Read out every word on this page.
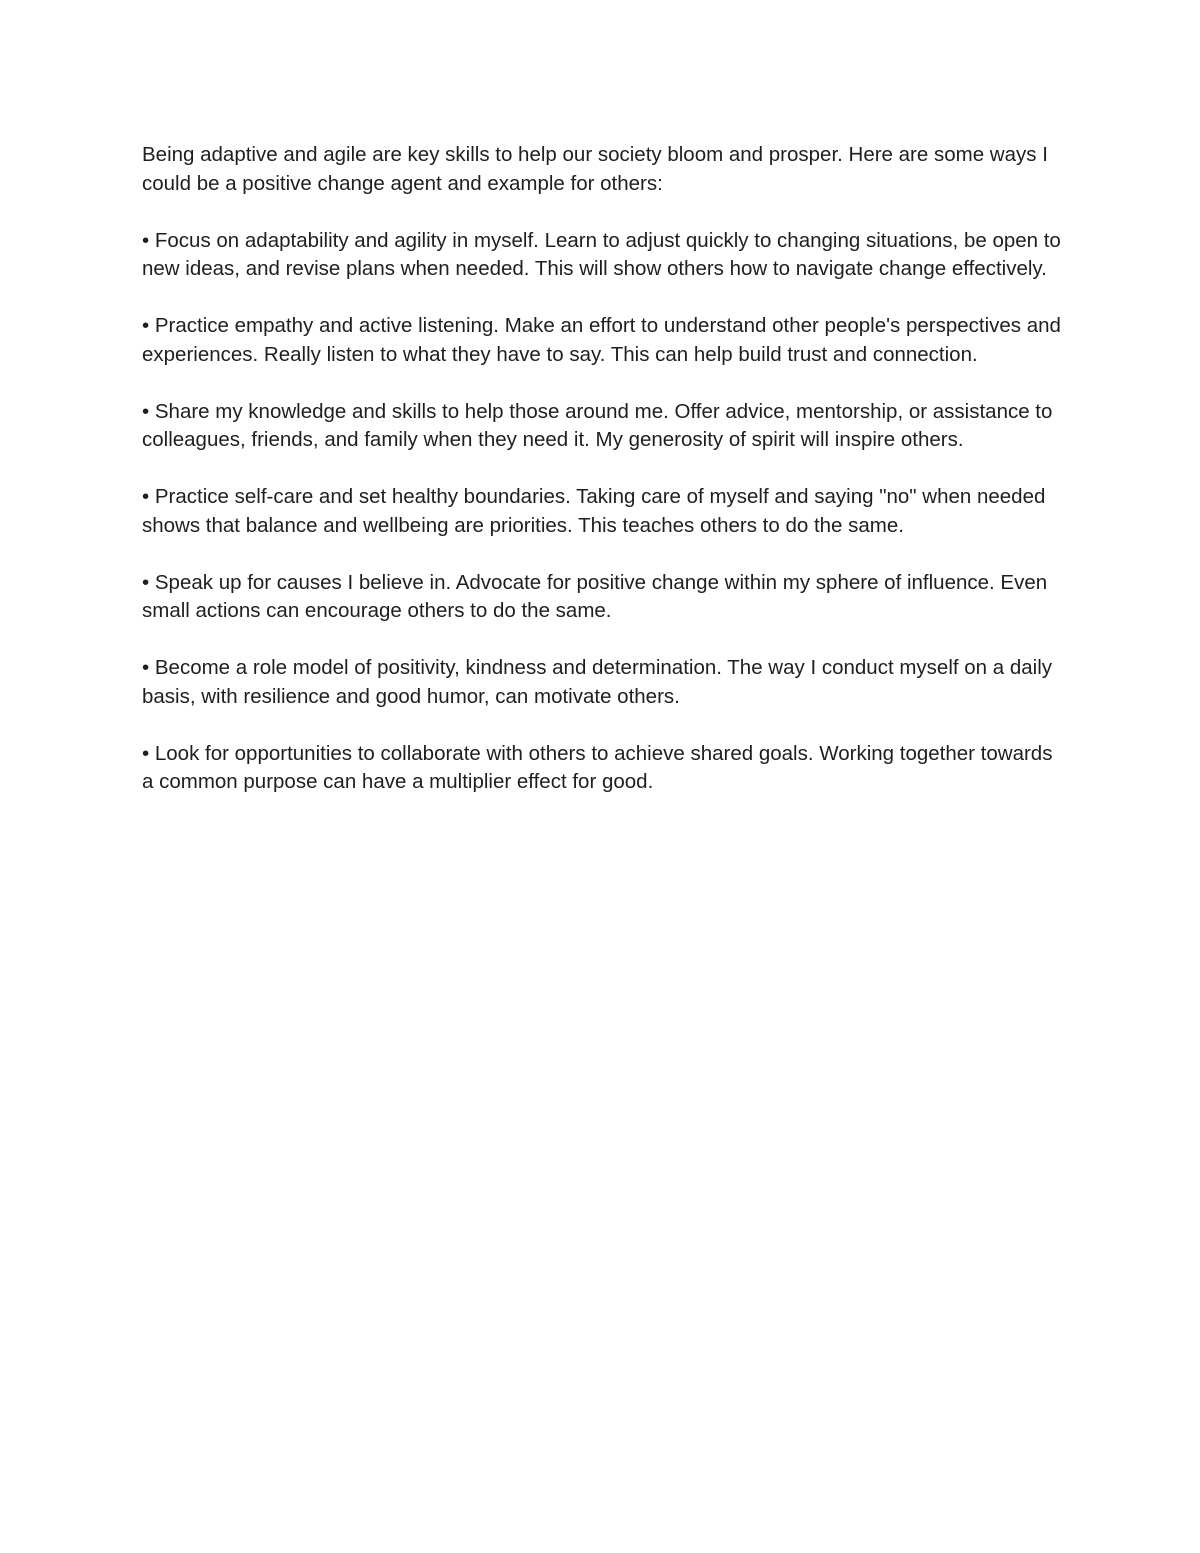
Being adaptive and agile are key skills to help our society bloom and prosper. Here are some ways I could be a positive change agent and example for others:

• Focus on adaptability and agility in myself. Learn to adjust quickly to changing situations, be open to new ideas, and revise plans when needed. This will show others how to navigate change effectively.

• Practice empathy and active listening. Make an effort to understand other people's perspectives and experiences. Really listen to what they have to say. This can help build trust and connection.

• Share my knowledge and skills to help those around me. Offer advice, mentorship, or assistance to colleagues, friends, and family when they need it. My generosity of spirit will inspire others.

• Practice self-care and set healthy boundaries. Taking care of myself and saying "no" when needed shows that balance and wellbeing are priorities. This teaches others to do the same.

• Speak up for causes I believe in. Advocate for positive change within my sphere of influence. Even small actions can encourage others to do the same.

• Become a role model of positivity, kindness and determination. The way I conduct myself on a daily basis, with resilience and good humor, can motivate others.

• Look for opportunities to collaborate with others to achieve shared goals. Working together towards a common purpose can have a multiplier effect for good.
